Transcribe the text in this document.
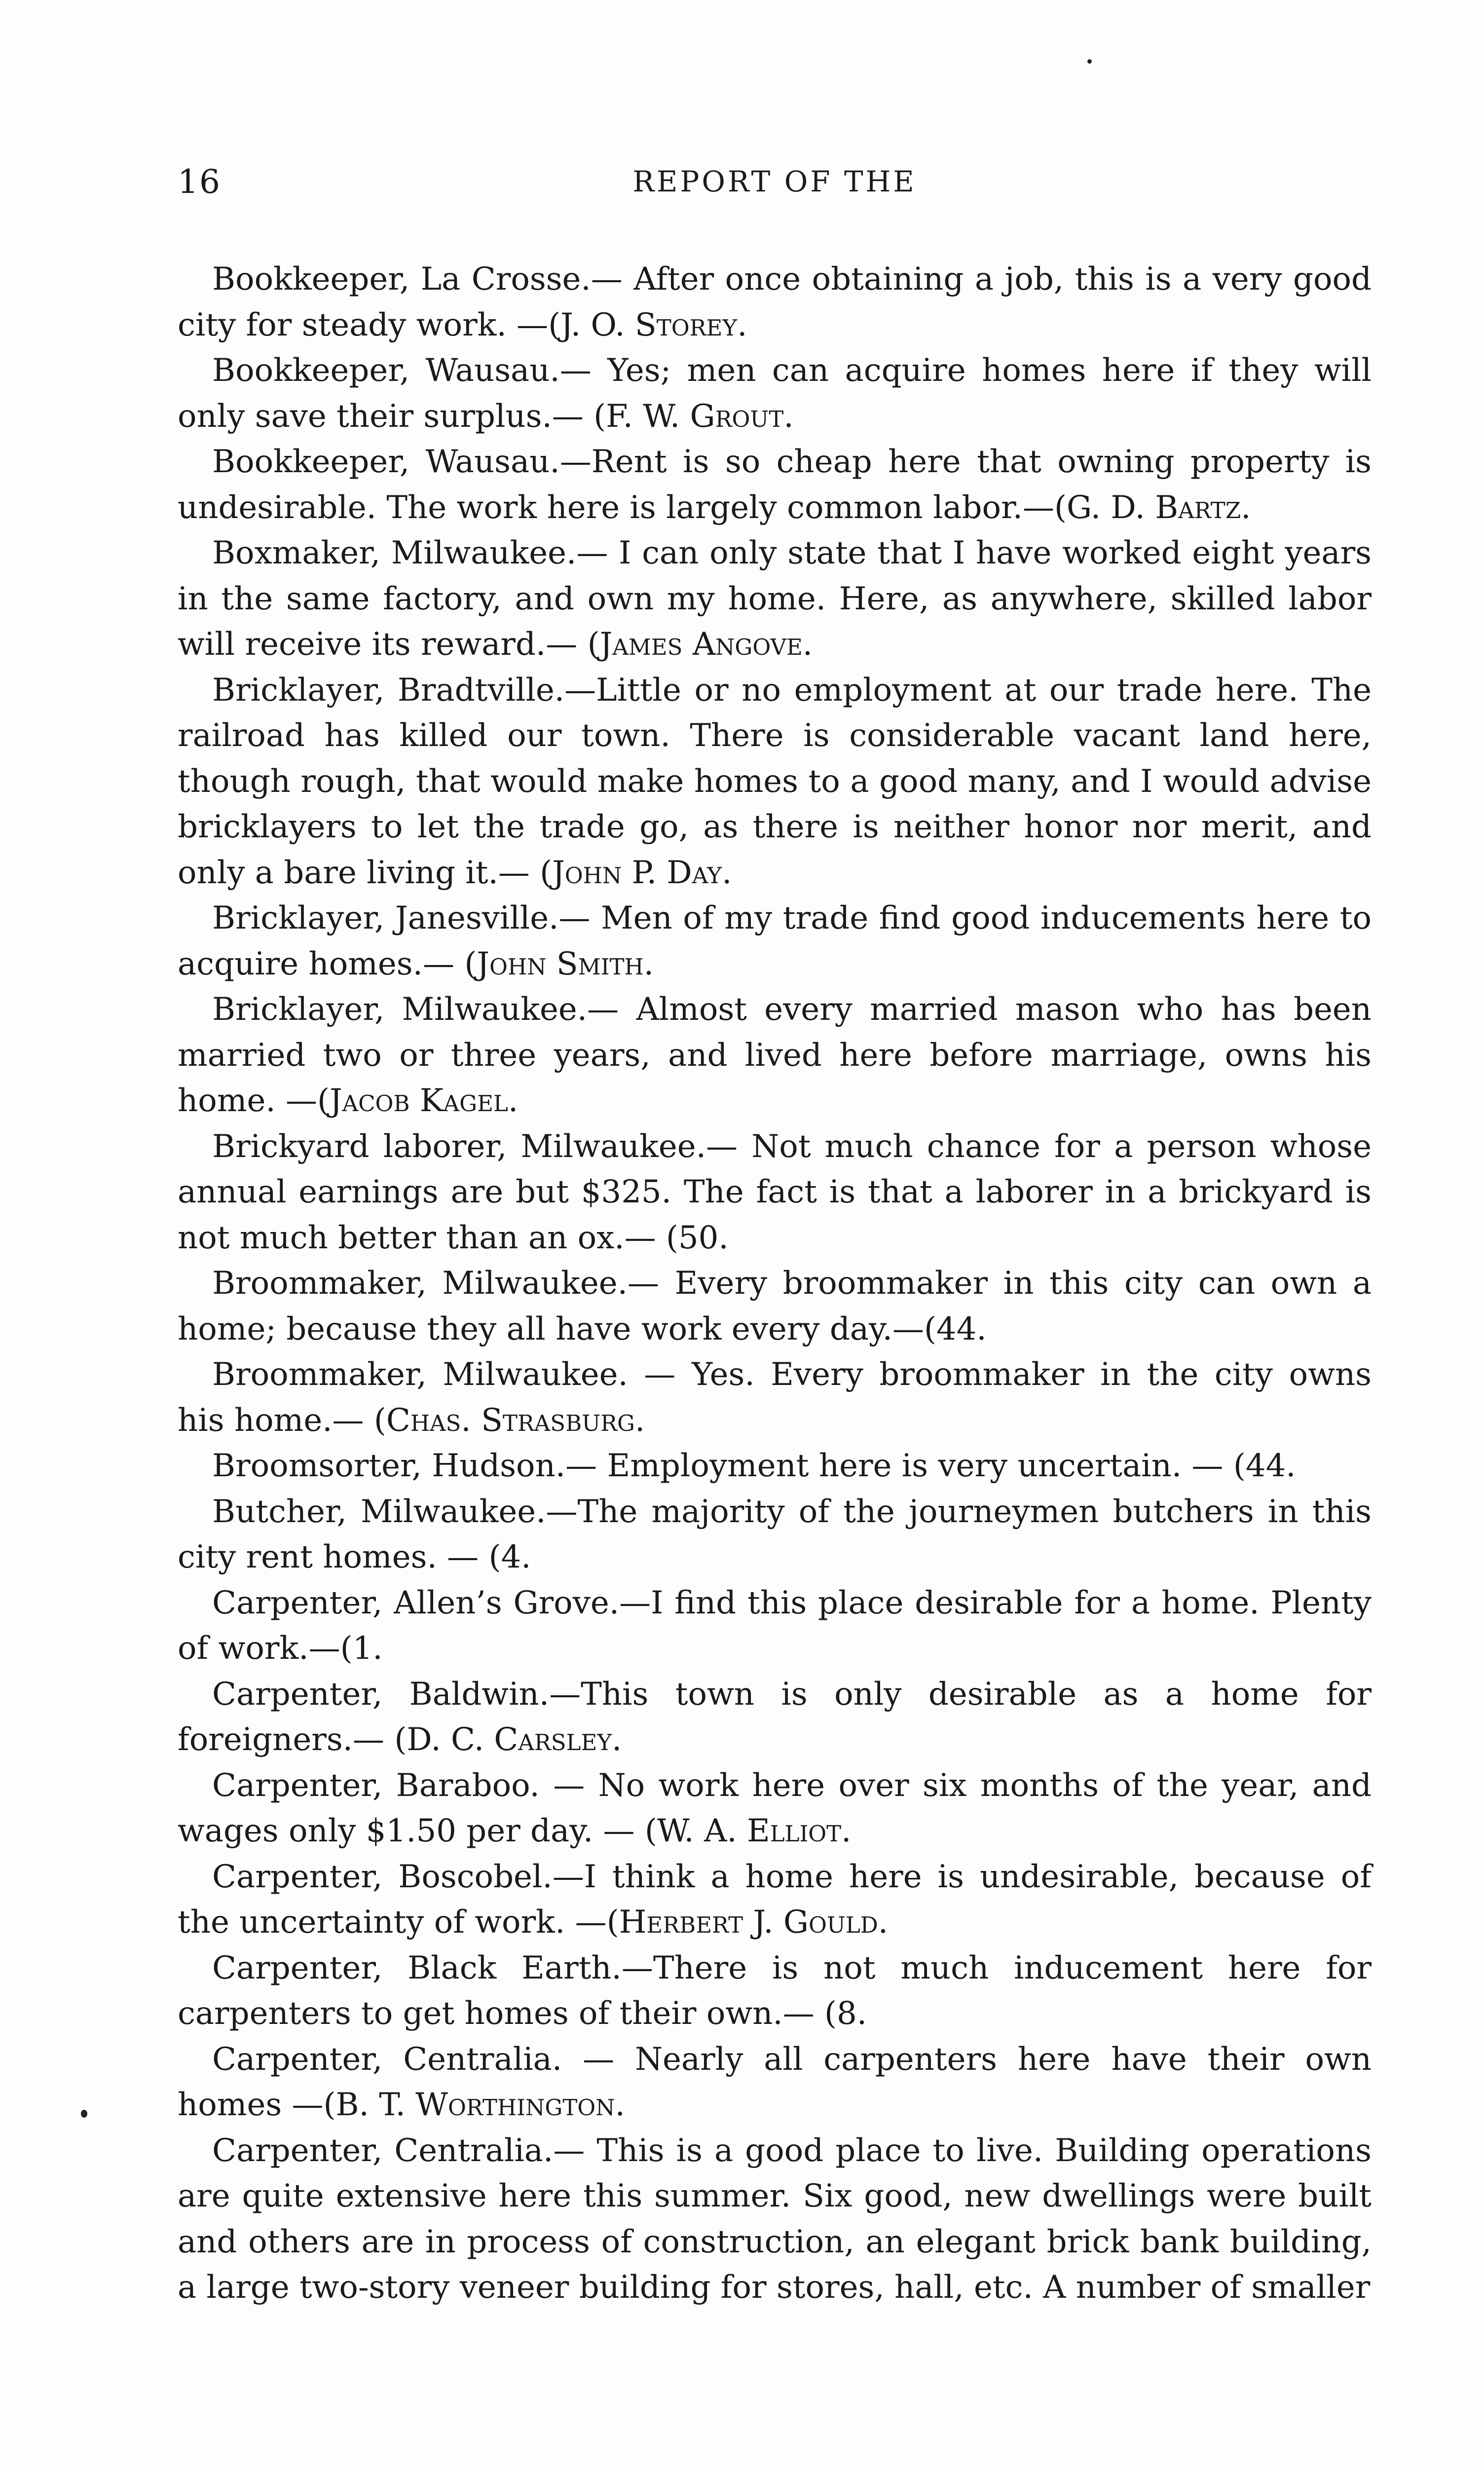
16	REPORT OF THE

Bookkeeper, La Crosse.— After once obtaining a job, this is a very good city for steady work. —(J. O. Storey.

Bookkeeper, Wausau.— Yes; men can acquire homes here if they will only save their surplus.— (F. W. Grout.

Bookkeeper, Wausau.—Rent is so cheap here that owning property is undesirable. The work here is largely common labor.—(G. D. Bartz.

Boxmaker, Milwaukee.— I can only state that I have worked eight years in the same factory, and own my home. Here, as anywhere, skilled labor will receive its reward.— (James Angove.

Bricklayer, Bradtville.—Little or no employment at our trade here. The railroad has killed our town. There is considerable vacant land here, though rough, that would make homes to a good many, and I would advise bricklayers to let the trade go, as there is neither honor nor merit, and only a bare living it.— (John P. Day.

Bricklayer, Janesville.— Men of my trade find good inducements here to acquire homes.— (John Smith.

Bricklayer, Milwaukee.— Almost every married mason who has been married two or three years, and lived here before marriage, owns his home. —(Jacob Kagel.

Brickyard laborer, Milwaukee.— Not much chance for a person whose annual earnings are but $325. The fact is that a laborer in a brickyard is not much better than an ox.— (50.

Broommaker, Milwaukee.— Every broommaker in this city can own a home; because they all have work every day.—(44.

Broommaker, Milwaukee. — Yes. Every broommaker in the city owns his home.— (Chas. Strasburg.

Broomsorter, Hudson.— Employment here is very uncertain. — (44.

Butcher, Milwaukee.—The majority of the journeymen butchers in this city rent homes. — (4.

Carpenter, Allen’s Grove.—I find this place desirable for a home. Plenty of work.—(1.

Carpenter, Baldwin.—This town is only desirable as a home for foreigners.— (D. C. Carsley.

Carpenter, Baraboo. — No work here over six months of the year, and wages only $1.50 per day. — (W. A. Elliot.

Carpenter, Boscobel.—I think a home here is undesirable, because of the uncertainty of work. —(Herbert J. Gould.

Carpenter, Black Earth.—There is not much inducement here for carpenters to get homes of their own.— (8.

Carpenter, Centralia. — Nearly all carpenters here have their own homes —(B. T. Worthington.

Carpenter, Centralia.— This is a good place to live. Building operations are quite extensive here this summer. Six good, new dwellings were built and others are in process of construction, an elegant brick bank building, a large two-story veneer building for stores, hall, etc. A number of smaller
